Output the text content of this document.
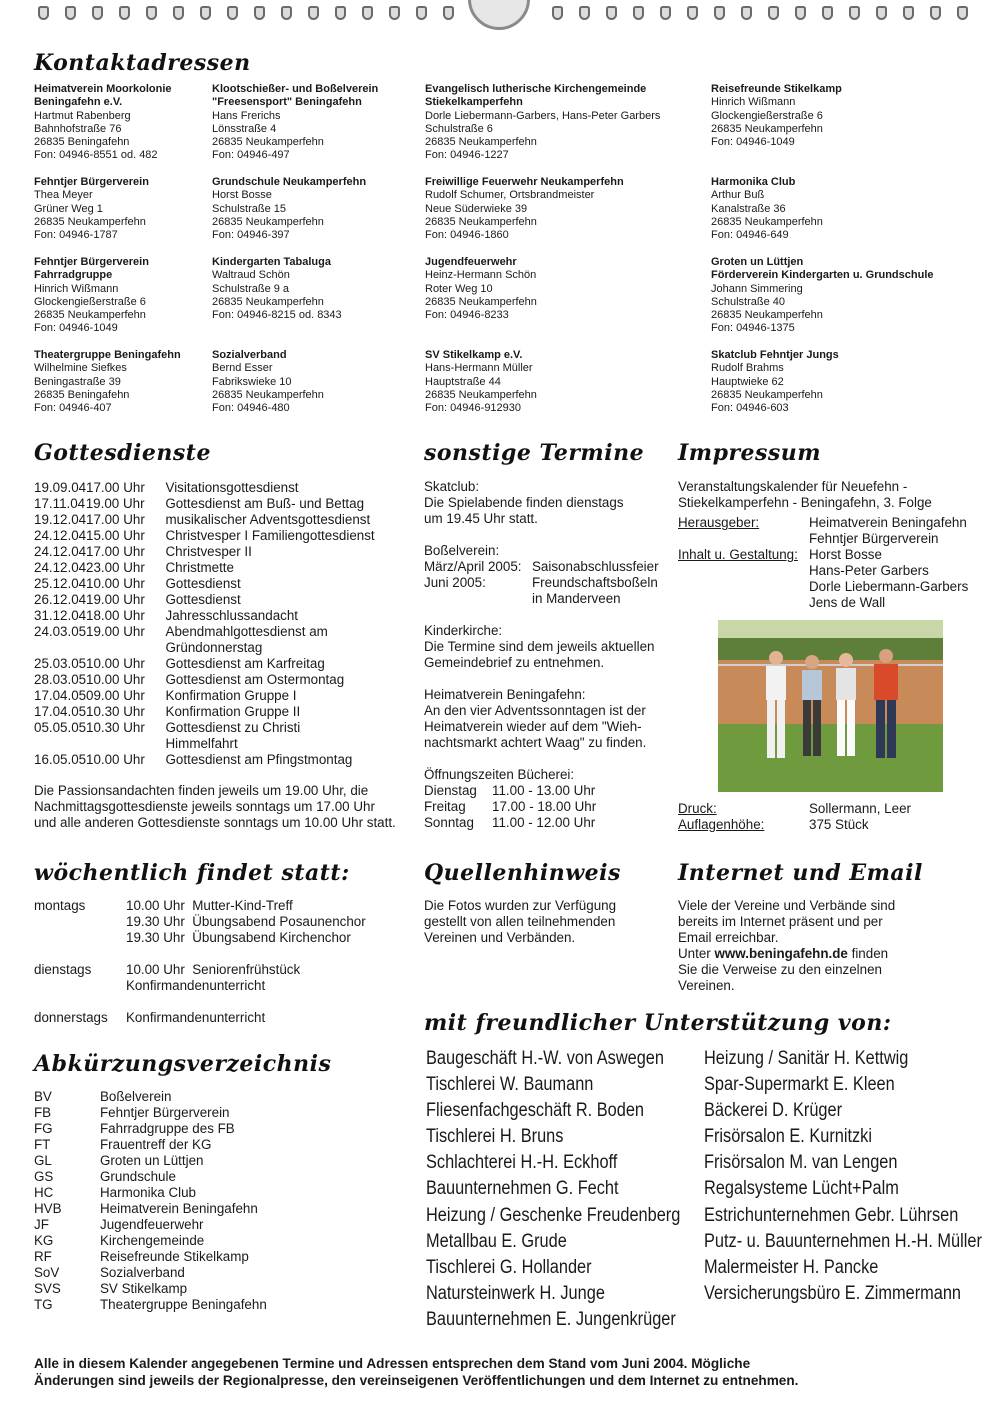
Kontaktadressen
Gottesdienste	sonstige Termine Impressum
wöchentlich findet statt:	Quellenhinweis	Internet und Email
Abkürzungsverzeichnis
mit freundlicher Unterstützung von:
Heimatverein Moorkolonie
Beningafehn e.V.
Hartmut Rabenberg
Bahnhofstraße 76
26835 Beningafehn
Fon: 04946-8551 od. 482
Klootschießer- und Boßelverein
"Freesensport" Beningafehn
Hans Frerichs
Lönsstraße 4
26835 Neukamperfehn
Fon: 04946-497
Evangelisch lutherische Kirchengemeinde
Stiekelkamperfehn
Dorle Liebermann-Garbers, Hans-Peter Garbers
Schulstraße 6
26835 Neukamperfehn
Fon: 04946-1227
Reisefreunde Stikelkamp
Hinrich Wißmann
Glockengießerstraße 6
26835 Neukamperfehn
Fon: 04946-1049
Fehntjer Bürgerverein
Thea Meyer
Grüner Weg 1
26835 Neukamperfehn
Fon: 04946-1787
Grundschule Neukamperfehn
Horst Bosse
Schulstraße 15
26835 Neukamperfehn
Fon: 04946-397
Freiwillige Feuerwehr Neukamperfehn
Rudolf Schumer, Ortsbrandmeister
Neue Süderwieke 39
26835 Neukamperfehn
Fon: 04946-1860
Harmonika Club
Arthur Buß
Kanalstraße 36
26835 Neukamperfehn
Fon: 04946-649
Fehntjer Bürgerverein
Fahrradgruppe
Hinrich Wißmann
Glockengießerstraße 6
26835 Neukamperfehn
Fon: 04946-1049
Kindergarten Tabaluga
Waltraud Schön
Schulstraße 9 a
26835 Neukamperfehn
Fon: 04946-8215 od. 8343
Jugendfeuerwehr
Heinz-Hermann Schön
Roter Weg 10
26835 Neukamperfehn
Fon: 04946-8233
Groten un Lüttjen
Förderverein Kindergarten u. Grundschule
Johann Simmering
Schulstraße 40
26835 Neukamperfehn
Fon: 04946-1375
Theatergruppe Beningafehn
Wilhelmine Siefkes
Beningastraße 39
26835 Beningafehn
Fon: 04946-407
Sozialverband
Bernd Esser
Fabrikswieke 10
26835 Neukamperfehn
Fon: 04946-480
SV Stikelkamp e.V.
Hans-Hermann Müller
Hauptstraße 44
26835 Neukamperfehn
Fon: 04946-912930
Skatclub Fehntjer Jungs
Rudolf Brahms
Hauptwieke 62
26835 Neukamperfehn
Fon: 04946-603
19.09.04 17.00 Uhr	Visitationsgottesdienst
17.11.04 19.00 Uhr	Gottesdienst am Buß- und Bettag
19.12.04 17.00 Uhr	musikalischer Adventsgottesdienst
24.12.04 15.00 Uhr	Christvesper I Familiengottesdienst
24.12.04 17.00 Uhr	Christvesper II
24.12.04 23.00 Uhr	Christmette
25.12.04 10.00 Uhr	Gottesdienst
26.12.04 19.00 Uhr	Gottesdienst
31.12.04 18.00 Uhr	Jahresschlussandacht
24.03.05 19.00 Uhr	Abendmahlgottesdienst am
Gründonnerstag
25.03.05 10.00 Uhr	Gottesdienst am Karfreitag
28.03.05 10.00 Uhr	Gottesdienst am Ostermontag
17.04.05 09.00 Uhr	Konfirmation Gruppe I
17.04.05 10.30 Uhr	Konfirmation Gruppe II
05.05.05 10.30 Uhr	Gottesdienst zu Christi
Himmelfahrt
16.05.05 10.00 Uhr	Gottesdienst am Pfingstmontag
Die Passionsandachten finden jeweils um 19.00 Uhr, die
Nachmittagsgottesdienste jeweils sonntags um 17.00 Uhr
und alle anderen Gottesdienste sonntags um 10.00 Uhr statt.
Skatclub:
Die Spielabende finden dienstags
um 19.45 Uhr statt.
Boßelverein:
März/April 2005: Saisonabschlussfeier
Juni 2005:	Freundschaftsboßeln
in Manderveen
Kinderkirche:
Die Termine sind dem jeweils aktuellen
Gemeindebrief zu entnehmen.
Heimatverein Beningafehn:
An den vier Adventssonntagen ist der
Heimatverein wieder auf dem "Wieh-
nachtsmarkt achtert Waag" zu finden.
Öffnungszeiten Bücherei:
Dienstag	11.00 - 13.00 Uhr
Freitag	17.00 - 18.00 Uhr
Sonntag	11.00 - 12.00 Uhr
Veranstaltungskalender für Neuefehn -
Stiekelkamperfehn - Beningafehn, 3. Folge
Herausgeber:	Heimatverein Beningafehn
Fehntjer Bürgerverein
Inhalt u. Gestaltung: Horst Bosse
Hans-Peter Garbers
Dorle Liebermann-Garbers
Jens de Wall
Druck:	Sollermann, Leer
Auflagenhöhe:	375 Stück
montags	10.00 Uhr  Mutter-Kind-Treff
19.30 Uhr  Übungsabend Posaunenchor
19.30 Uhr  Übungsabend Kirchenchor
dienstags	10.00 Uhr  Seniorenfrühstück
Konfirmandenunterricht
donnerstags	Konfirmandenunterricht
Die Fotos wurden zur Verfügung
gestellt von allen teilnehmenden
Vereinen und Verbänden.
Viele der Vereine und Verbände sind
bereits im Internet präsent und per
Email erreichbar.
Unter www.beningafehn.de finden
Sie die Verweise zu den einzelnen
Vereinen.
BV	Boßelverein
FB	Fehntjer Bürgerverein
FG	Fahrradgruppe des FB
FT	Frauentreff der KG
GL	Groten un Lüttjen
GS	Grundschule
HC	Harmonika Club
HVB	Heimatverein Beningafehn
JF	Jugendfeuerwehr
KG	Kirchengemeinde
RF	Reisefreunde Stikelkamp
SoV	Sozialverband
SVS	SV Stikelkamp
TG	Theatergruppe Beningafehn
Baugeschäft H.-W. von Aswegen
Tischlerei W. Baumann
Fliesenfachgeschäft R. Boden
Tischlerei H. Bruns
Schlachterei H.-H. Eckhoff
Bauunternehmen G. Fecht
Heizung / Geschenke Freudenberg
Metallbau E. Grude
Tischlerei G. Hollander
Natursteinwerk H. Junge
Bauunternehmen E. Jungenkrüger
Heizung / Sanitär H. Kettwig
Spar-Supermarkt E. Kleen
Bäckerei D. Krüger
Frisörsalon E. Kurnitzki
Frisörsalon M. van Lengen
Regalsysteme Lücht+Palm
Estrichunternehmen Gebr. Lührsen
Putz- u. Bauunternehmen H.-H. Müller
Malermeister H. Pancke
Versicherungsbüro E. Zimmermann
Alle in diesem Kalender angegebenen Termine und Adressen entsprechen dem Stand vom Juni 2004. Mögliche
Änderungen sind jeweils der Regionalpresse, den vereinseigenen Veröffentlichungen und dem Internet zu entnehmen.
